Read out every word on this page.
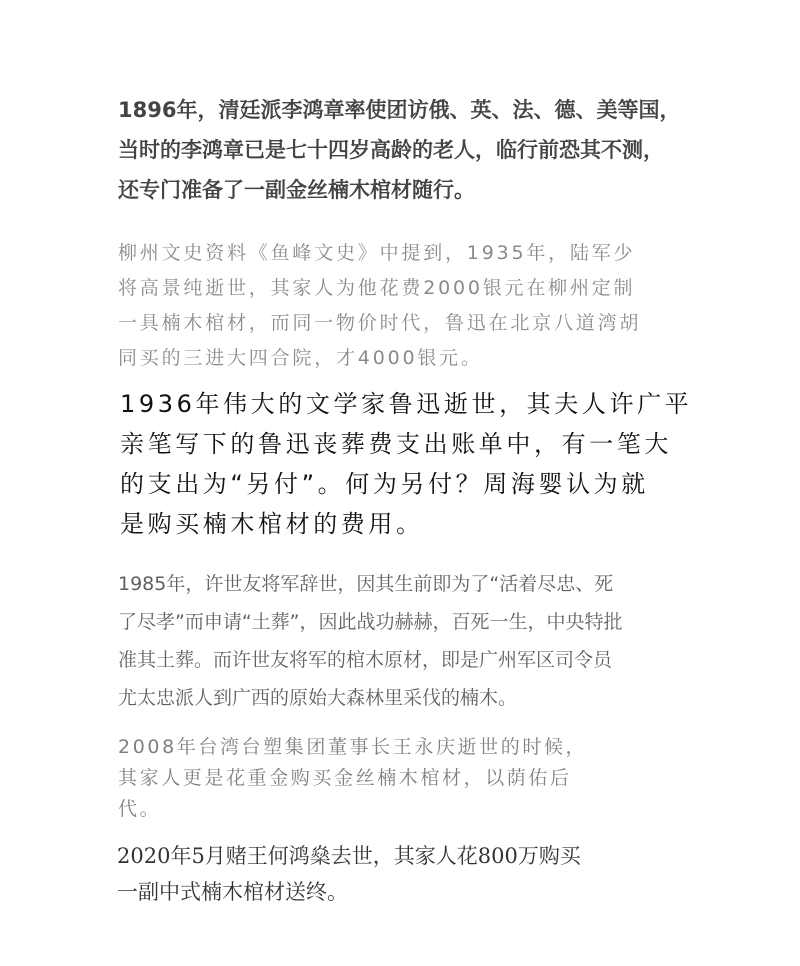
1896年，清廷派李鸿章率使团访俄、英、法、德、美等国，
当时的李鸿章已是七十四岁高龄的老人，临行前恐其不测，
还专门准备了一副金丝楠木棺材随行。

柳州文史资料《鱼峰文史》中提到，1935年，陆军少
将高景纯逝世，其家人为他花费2000银元在柳州定制
一具楠木棺材，而同一物价时代，鲁迅在北京八道湾胡
同买的三进大四合院，才4000银元。

1936年伟大的文学家鲁迅逝世，其夫人许广平
亲笔写下的鲁迅丧葬费支出账单中，有一笔大
的支出为“另付”。何为另付？周海婴认为就
是购买楠木棺材的费用。

1985年，许世友将军辞世，因其生前即为了“活着尽忠、死
了尽孝”而申请“土葬”，因此战功赫赫，百死一生，中央特批
准其土葬。而许世友将军的棺木原材，即是广州军区司令员
尤太忠派人到广西的原始大森林里采伐的楠木。

2008年台湾台塑集团董事长王永庆逝世的时候，
其家人更是花重金购买金丝楠木棺材，以荫佑后
代。

2020年5月赌王何鸿燊去世，其家人花800万购买
一副中式楠木棺材送终。
